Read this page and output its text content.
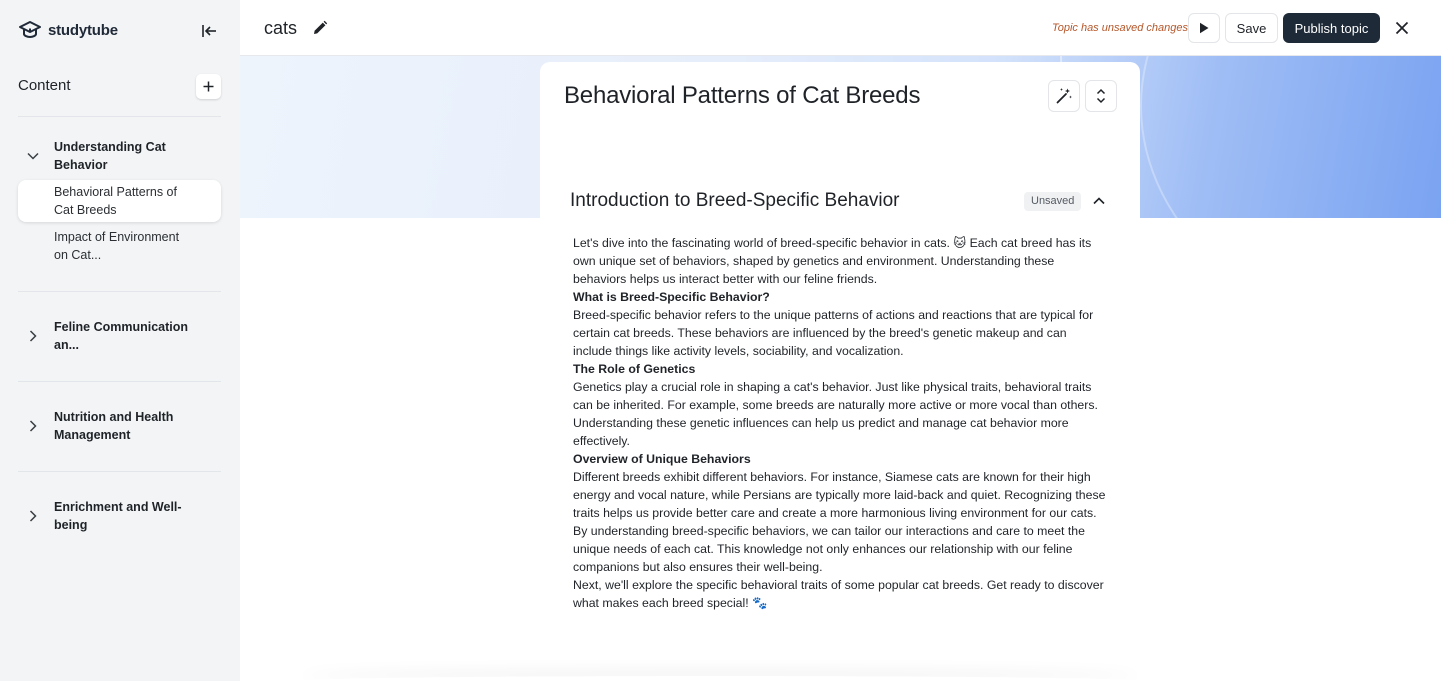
studytube
Content
Understanding Cat Behavior
Behavioral Patterns of Cat Breeds
Impact of Environment on Cat...
Feline Communication an...
Nutrition and Health Management
Enrichment and Well-being
cats	Topic has unsaved changes	Save	Publish topic
Behavioral Patterns of Cat Breeds
Introduction to Breed-Specific Behavior	Unsaved

Let's dive into the fascinating world of breed-specific behavior in cats. 🐱 Each cat breed has its own unique set of behaviors, shaped by genetics and environment. Understanding these behaviors helps us interact better with our feline friends.

What is Breed-Specific Behavior?

Breed-specific behavior refers to the unique patterns of actions and reactions that are typical for certain cat breeds. These behaviors are influenced by the breed's genetic makeup and can include things like activity levels, sociability, and vocalization.

The Role of Genetics

Genetics play a crucial role in shaping a cat's behavior. Just like physical traits, behavioral traits can be inherited. For example, some breeds are naturally more active or more vocal than others. Understanding these genetic influences can help us predict and manage cat behavior more effectively.

Overview of Unique Behaviors

Different breeds exhibit different behaviors. For instance, Siamese cats are known for their high energy and vocal nature, while Persians are typically more laid-back and quiet. Recognizing these traits helps us provide better care and create a more harmonious living environment for our cats.

By understanding breed-specific behaviors, we can tailor our interactions and care to meet the unique needs of each cat. This knowledge not only enhances our relationship with our feline companions but also ensures their well-being.

Next, we'll explore the specific behavioral traits of some popular cat breeds. Get ready to discover what makes each breed special! 🐾
